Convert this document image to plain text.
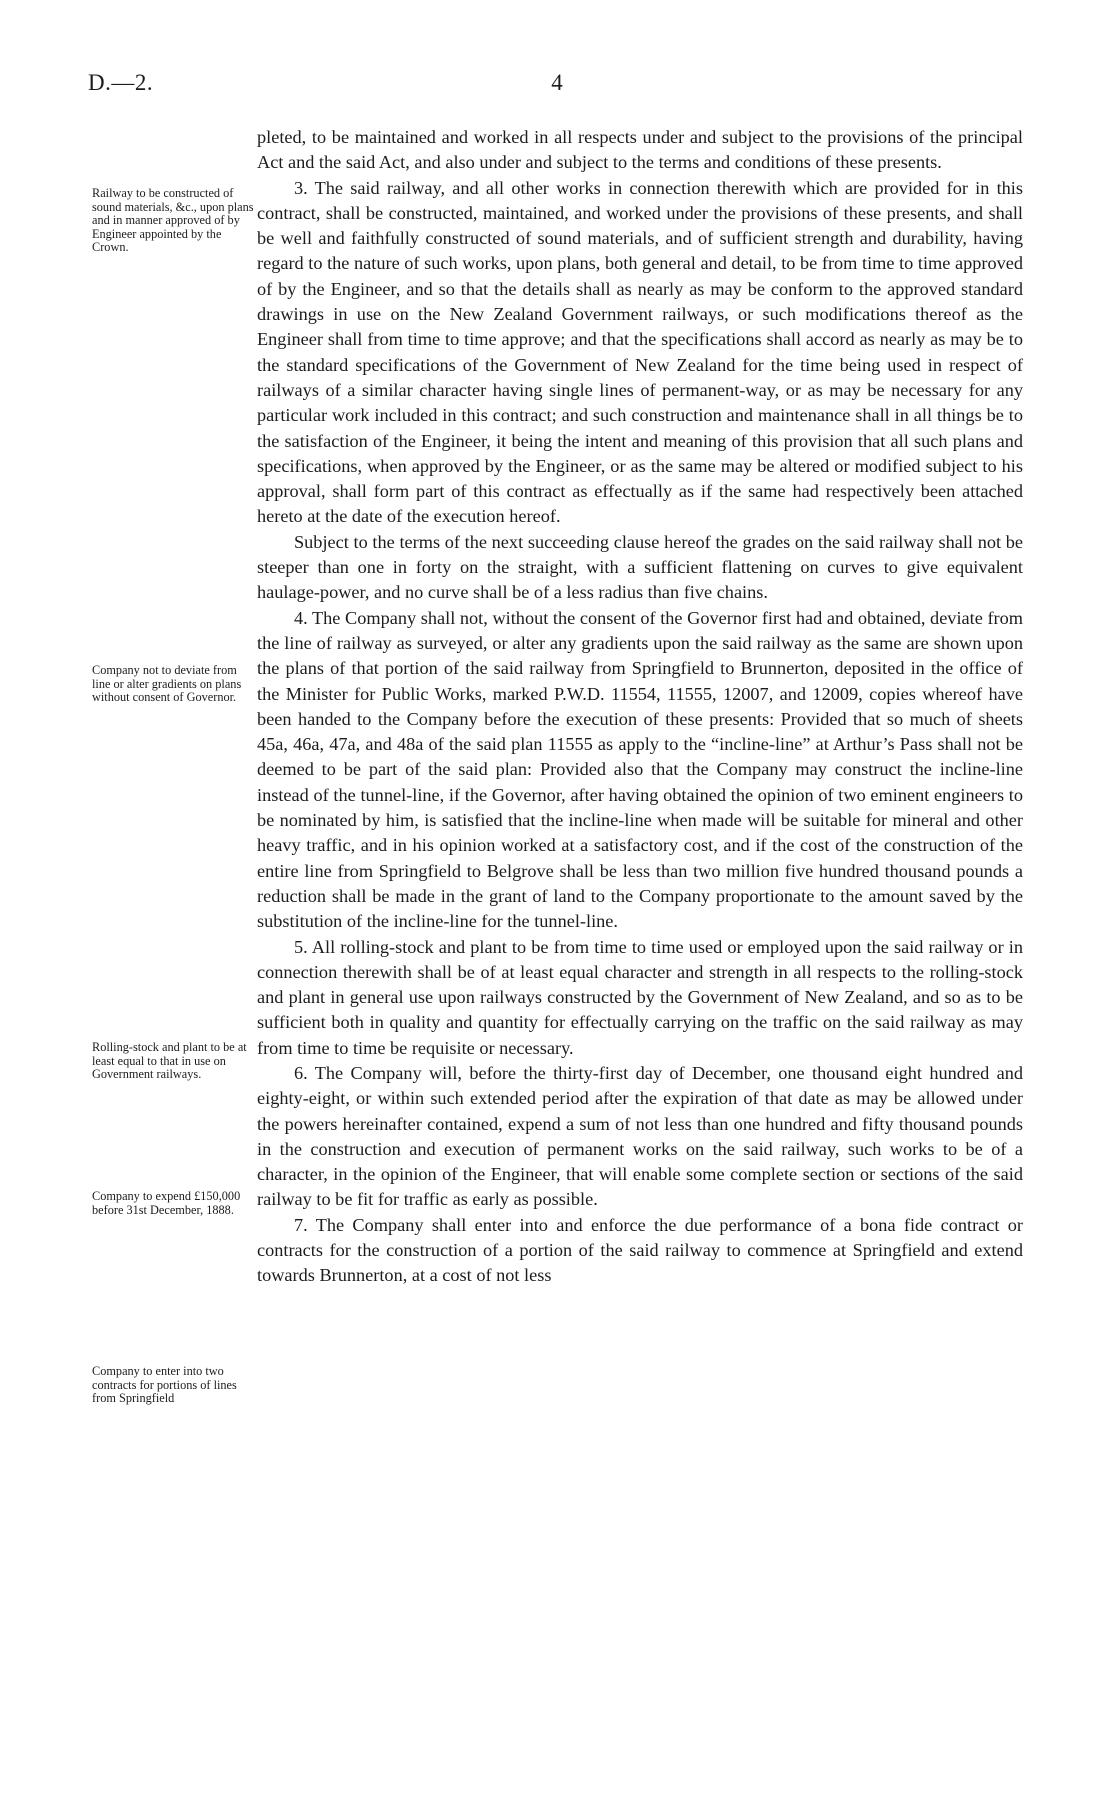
D.—2.	4
Railway to be constructed of sound materials, &c., upon plans and in manner approved of by Engineer appointed by the Crown.
Company not to deviate from line or alter gradients on plans without consent of Governor.
Rolling-stock and plant to be at least equal to that in use on Government railways.
Company to expend £150,000 before 31st December, 1888.
Company to enter into two contracts for portions of lines from Springfield

pleted, to be maintained and worked in all respects under and subject to the provisions of the principal Act and the said Act, and also under and subject to the terms and conditions of these presents.

3. The said railway, and all other works in connection therewith which are provided for in this contract, shall be constructed, maintained, and worked under the provisions of these presents, and shall be well and faithfully constructed of sound materials, and of sufficient strength and durability, having regard to the nature of such works, upon plans, both general and detail, to be from time to time approved of by the Engineer, and so that the details shall as nearly as may be conform to the approved standard drawings in use on the New Zealand Government railways, or such modifications thereof as the Engineer shall from time to time approve; and that the specifications shall accord as nearly as may be to the standard specifications of the Government of New Zealand for the time being used in respect of railways of a similar character having single lines of permanent-way, or as may be necessary for any particular work included in this contract; and such construction and maintenance shall in all things be to the satisfaction of the Engineer, it being the intent and meaning of this provision that all such plans and specifications, when approved by the Engineer, or as the same may be altered or modified subject to his approval, shall form part of this contract as effectually as if the same had respectively been attached hereto at the date of the execution hereof.

Subject to the terms of the next succeeding clause hereof the grades on the said railway shall not be steeper than one in forty on the straight, with a sufficient flattening on curves to give equivalent haulage-power, and no curve shall be of a less radius than five chains.

4. The Company shall not, without the consent of the Governor first had and obtained, deviate from the line of railway as surveyed, or alter any gradients upon the said railway as the same are shown upon the plans of that portion of the said railway from Springfield to Brunnerton, deposited in the office of the Minister for Public Works, marked P.W.D. 11554, 11555, 12007, and 12009, copies whereof have been handed to the Company before the execution of these presents: Provided that so much of sheets 45a, 46a, 47a, and 48a of the said plan 11555 as apply to the “incline-line” at Arthur’s Pass shall not be deemed to be part of the said plan: Provided also that the Company may construct the incline-line instead of the tunnel-line, if the Governor, after having obtained the opinion of two eminent engineers to be nominated by him, is satisfied that the incline-line when made will be suitable for mineral and other heavy traffic, and in his opinion worked at a satisfactory cost, and if the cost of the construction of the entire line from Springfield to Belgrove shall be less than two million five hundred thousand pounds a reduction shall be made in the grant of land to the Company proportionate to the amount saved by the substitution of the incline-line for the tunnel-line.

5. All rolling-stock and plant to be from time to time used or employed upon the said railway or in connection therewith shall be of at least equal character and strength in all respects to the rolling-stock and plant in general use upon railways constructed by the Government of New Zealand, and so as to be sufficient both in quality and quantity for effectually carrying on the traffic on the said railway as may from time to time be requisite or necessary.

6. The Company will, before the thirty-first day of December, one thousand eight hundred and eighty-eight, or within such extended period after the expiration of that date as may be allowed under the powers hereinafter contained, expend a sum of not less than one hundred and fifty thousand pounds in the construction and execution of permanent works on the said railway, such works to be of a character, in the opinion of the Engineer, that will enable some complete section or sections of the said railway to be fit for traffic as early as possible.

7. The Company shall enter into and enforce the due performance of a bona fide contract or contracts for the construction of a portion of the said railway to commence at Springfield and extend towards Brunnerton, at a cost of not less
